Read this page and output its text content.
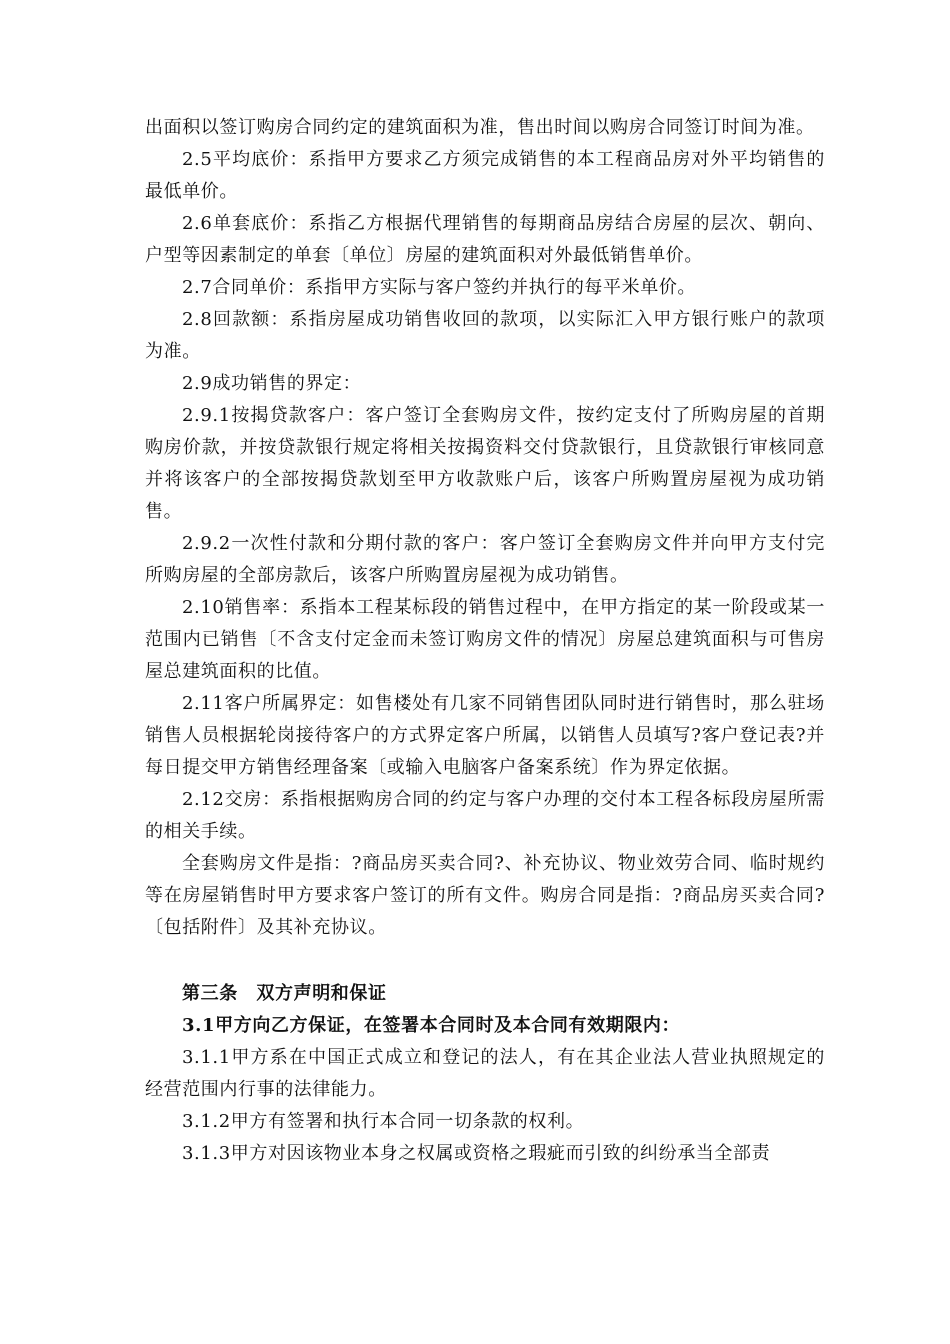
出面积以签订购房合同约定的建筑面积为准，售出时间以购房合同签订时间为准。

2.5平均底价：系指甲方要求乙方须完成销售的本工程商品房对外平均销售的最低单价。

2.6单套底价：系指乙方根据代理销售的每期商品房结合房屋的层次、朝向、户型等因素制定的单套〔单位〕房屋的建筑面积对外最低销售单价。

2.7合同单价：系指甲方实际与客户签约并执行的每平米单价。

2.8回款额：系指房屋成功销售收回的款项，以实际汇入甲方银行账户的款项为准。

2.9成功销售的界定：

2.9.1按揭贷款客户：客户签订全套购房文件，按约定支付了所购房屋的首期购房价款，并按贷款银行规定将相关按揭资料交付贷款银行，且贷款银行审核同意并将该客户的全部按揭贷款划至甲方收款账户后，该客户所购置房屋视为成功销售。

2.9.2一次性付款和分期付款的客户：客户签订全套购房文件并向甲方支付完所购房屋的全部房款后，该客户所购置房屋视为成功销售。

2.10销售率：系指本工程某标段的销售过程中，在甲方指定的某一阶段或某一范围内已销售〔不含支付定金而未签订购房文件的情况〕房屋总建筑面积与可售房屋总建筑面积的比值。

2.11客户所属界定：如售楼处有几家不同销售团队同时进行销售时，那么驻场销售人员根据轮岗接待客户的方式界定客户所属，以销售人员填写?客户登记表?并每日提交甲方销售经理备案〔或输入电脑客户备案系统〕作为界定依据。

2.12交房：系指根据购房合同的约定与客户办理的交付本工程各标段房屋所需的相关手续。

全套购房文件是指：?商品房买卖合同?、补充协议、物业效劳合同、临时规约等在房屋销售时甲方要求客户签订的所有文件。购房合同是指：?商品房买卖合同?〔包括附件〕及其补充协议。

第三条　双方声明和保证

3.1甲方向乙方保证，在签署本合同时及本合同有效期限内：

3.1.1甲方系在中国正式成立和登记的法人，有在其企业法人营业执照规定的经营范围内行事的法律能力。

3.1.2甲方有签署和执行本合同一切条款的权利。

3.1.3甲方对因该物业本身之权属或资格之瑕疵而引致的纠纷承当全部责
